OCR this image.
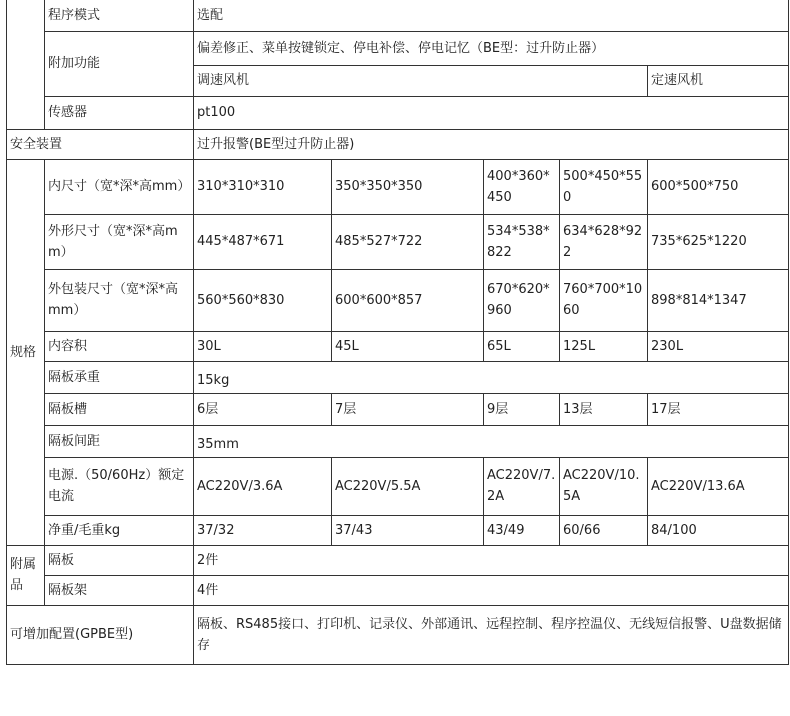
	程序模式	选配				
	附加功能	偏差修正、菜单按键锁定、停电补偿、停电记忆（BE型：过升防止器）				
		调速风机				定速风机
	传感器	pt100				
安全装置		过升报警(BE型过升防止器)				
规格	内尺寸（宽*深*高mm）	310*310*310	350*350*350	400*360*450	500*450*550	600*500*750
	外形尺寸（宽*深*高mm）	445*487*671	485*527*722	534*538*822	634*628*922	735*625*1220
	外包装尺寸（宽*深*高mm）	560*560*830	600*600*857	670*620*960	760*700*1060	898*814*1347
	内容积	30L	45L	65L	125L	230L
	隔板承重	15kg				
	隔板槽	6层	7层	9层	13层	17层
	隔板间距	35mm				
	电源.（50/60Hz）额定电流	AC220V/3.6A	AC220V/5.5A	AC220V/7.2A	AC220V/10.5A	AC220V/13.6A
	净重/毛重kg	37/32	37/43	43/49	60/66	84/100
附属品	隔板	2件				
	隔板架	4件				
可增加配置(GPBE型)		隔板、RS485接口、打印机、记录仪、外部通讯、远程控制、程序控温仪、无线短信报警、U盘数据储存				
